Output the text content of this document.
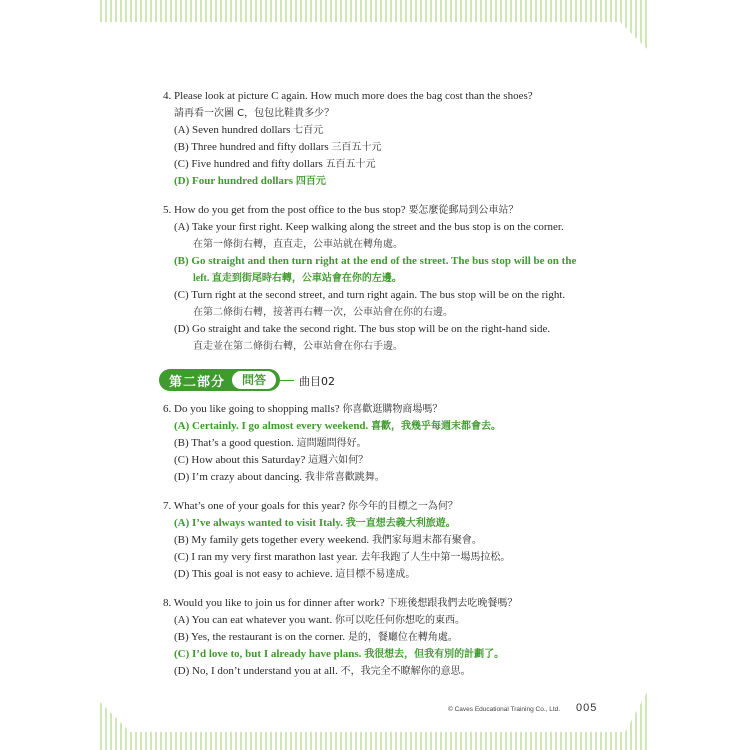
4. Please look at picture C again. How much more does the bag cost than the shoes?
請再看一次圖 C，包包比鞋貴多少？
(A) Seven hundred dollars 七百元
(B) Three hundred and fifty dollars 三百五十元
(C) Five hundred and fifty dollars 五百五十元
(D) Four hundred dollars 四百元
5. How do you get from the post office to the bus stop? 要怎麼從郵局到公車站？
(A) Take your first right. Keep walking along the street and the bus stop is on the corner.
在第一條街右轉，直直走，公車站就在轉角處。
(B) Go straight and then turn right at the end of the street. The bus stop will be on the
left. 直走到街尾時右轉，公車站會在你的左邊。
(C) Turn right at the second street, and turn right again. The bus stop will be on the right.
在第二條街右轉，接著再右轉一次，公車站會在你的右邊。
(D) Go straight and take the second right. The bus stop will be on the right-hand side.
直走並在第二條街右轉，公車站會在你右手邊。
第二部分	問答	曲目02
6. Do you like going to shopping malls? 你喜歡逛購物商場嗎？
(A) Certainly. I go almost every weekend. 喜歡，我幾乎每週末都會去。
(B) That’s a good question. 這問題問得好。
(C) How about this Saturday? 這週六如何？
(D) I’m crazy about dancing. 我非常喜歡跳舞。
7. What’s one of your goals for this year? 你今年的目標之一為何？
(A) I’ve always wanted to visit Italy. 我一直想去義大利旅遊。
(B) My family gets together every weekend. 我們家每週末都有聚會。
(C) I ran my very first marathon last year. 去年我跑了人生中第一場馬拉松。
(D) This goal is not easy to achieve. 這目標不易達成。
8. Would you like to join us for dinner after work? 下班後想跟我們去吃晚餐嗎？
(A) You can eat whatever you want. 你可以吃任何你想吃的東西。
(B) Yes, the restaurant is on the corner. 是的，餐廳位在轉角處。
(C) I’d love to, but I already have plans. 我很想去，但我有別的計劃了。
(D) No, I don’t understand you at all. 不，我完全不瞭解你的意思。
© Caves Educational Training Co., Ltd. 005
